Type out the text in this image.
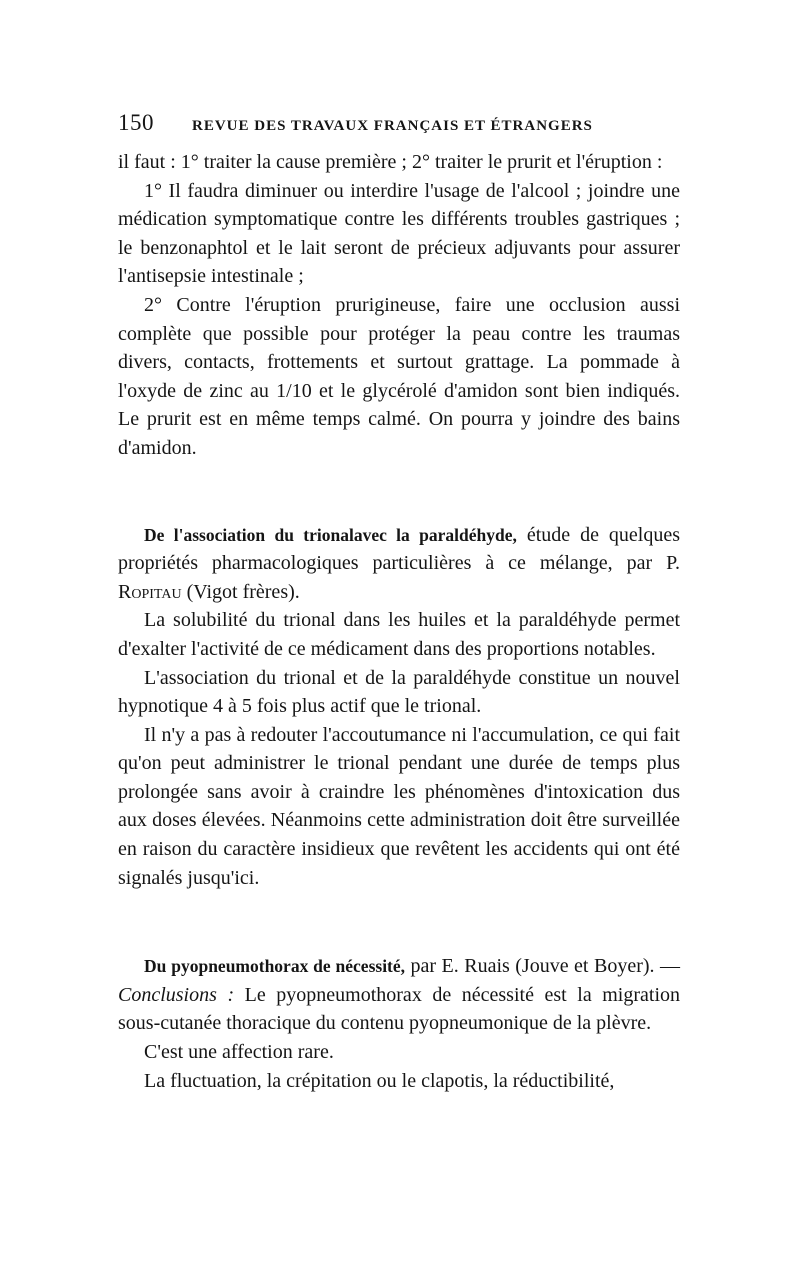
150	REVUE DES TRAVAUX FRANÇAIS ET ÉTRANGERS

il faut : 1° traiter la cause première ; 2° traiter le prurit et l'éruption :

1° Il faudra diminuer ou interdire l'usage de l'alcool ; joindre une médication symptomatique contre les différents troubles gastriques ; le benzonaphtol et le lait seront de précieux adjuvants pour assurer l'antisepsie intestinale ;

2° Contre l'éruption prurigineuse, faire une occlusion aussi complète que possible pour protéger la peau contre les traumas divers, contacts, frottements et surtout grattage. La pommade à l'oxyde de zinc au 1/10 et le glycérolé d'amidon sont bien indiqués. Le prurit est en même temps calmé. On pourra y joindre des bains d'amidon.

De l'association du trionalavec la paraldéhyde, étude de quelques propriétés pharmacologiques particulières à ce mélange, par P. Ropitau (Vigot frères).

La solubilité du trional dans les huiles et la paraldéhyde permet d'exalter l'activité de ce médicament dans des proportions notables.

L'association du trional et de la paraldéhyde constitue un nouvel hypnotique 4 à 5 fois plus actif que le trional.

Il n'y a pas à redouter l'accoutumance ni l'accumulation, ce qui fait qu'on peut administrer le trional pendant une durée de temps plus prolongée sans avoir à craindre les phénomènes d'intoxication dus aux doses élevées. Néanmoins cette administration doit être surveillée en raison du caractère insidieux que revêtent les accidents qui ont été signalés jusqu'ici.

Du pyopneumothorax de nécessité, par E. Ruais (Jouve et Boyer). — Conclusions : Le pyopneumothorax de nécessité est la migration sous-cutanée thoracique du contenu pyopneumonique de la plèvre.

C'est une affection rare.

La fluctuation, la crépitation ou le clapotis, la réductibilité,
